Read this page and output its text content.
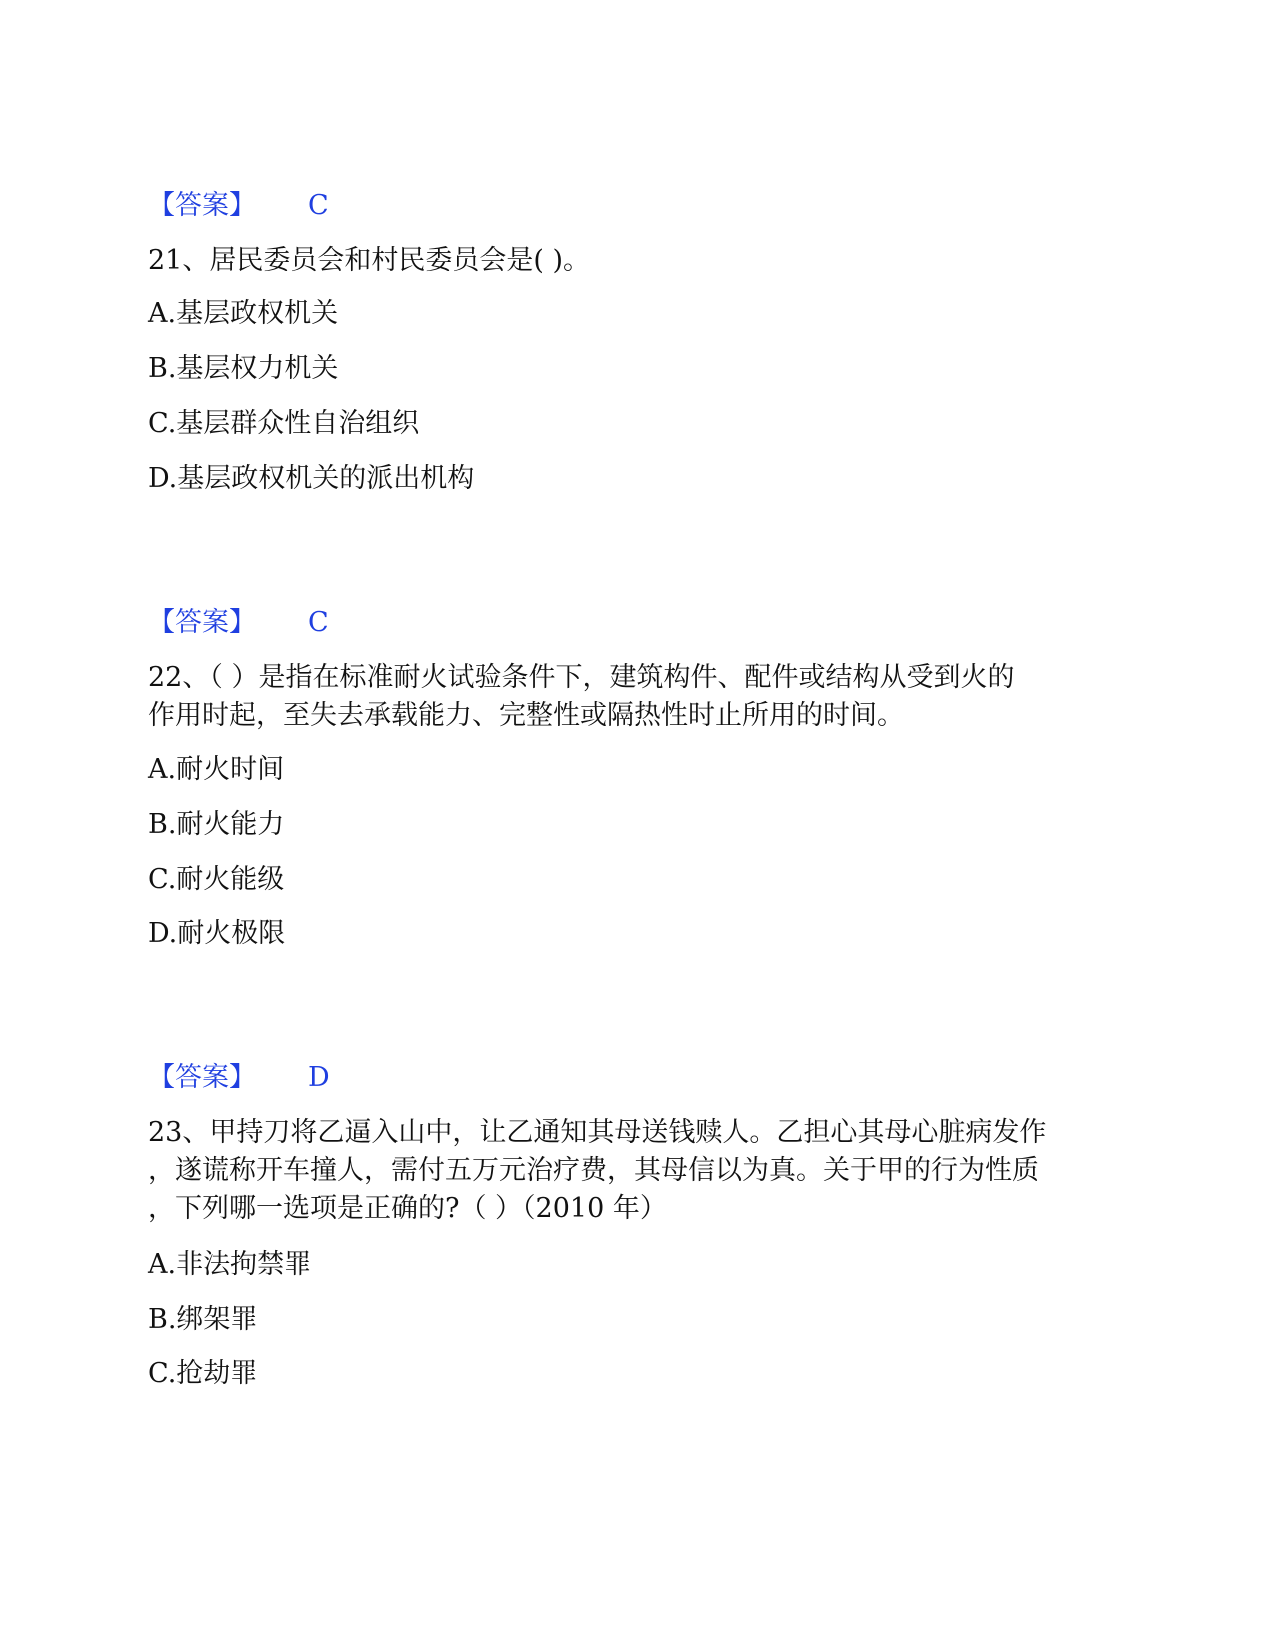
【答案】 C
21、居民委员会和村民委员会是( )。
A.基层政权机关
B.基层权力机关
C.基层群众性自治组织
D.基层政权机关的派出机构
【答案】 C
22、（ ）是指在标准耐火试验条件下，建筑构件、配件或结构从受到火的
作用时起，至失去承载能力、完整性或隔热性时止所用的时间。
A.耐火时间
B.耐火能力
C.耐火能级
D.耐火极限
【答案】 D
23、甲持刀将乙逼入山中，让乙通知其母送钱赎人。乙担心其母心脏病发作
，遂谎称开车撞人，需付五万元治疗费，其母信以为真。关于甲的行为性质
，下列哪一选项是正确的?（ ）（2010 年）
A.非法拘禁罪
B.绑架罪
C.抢劫罪
